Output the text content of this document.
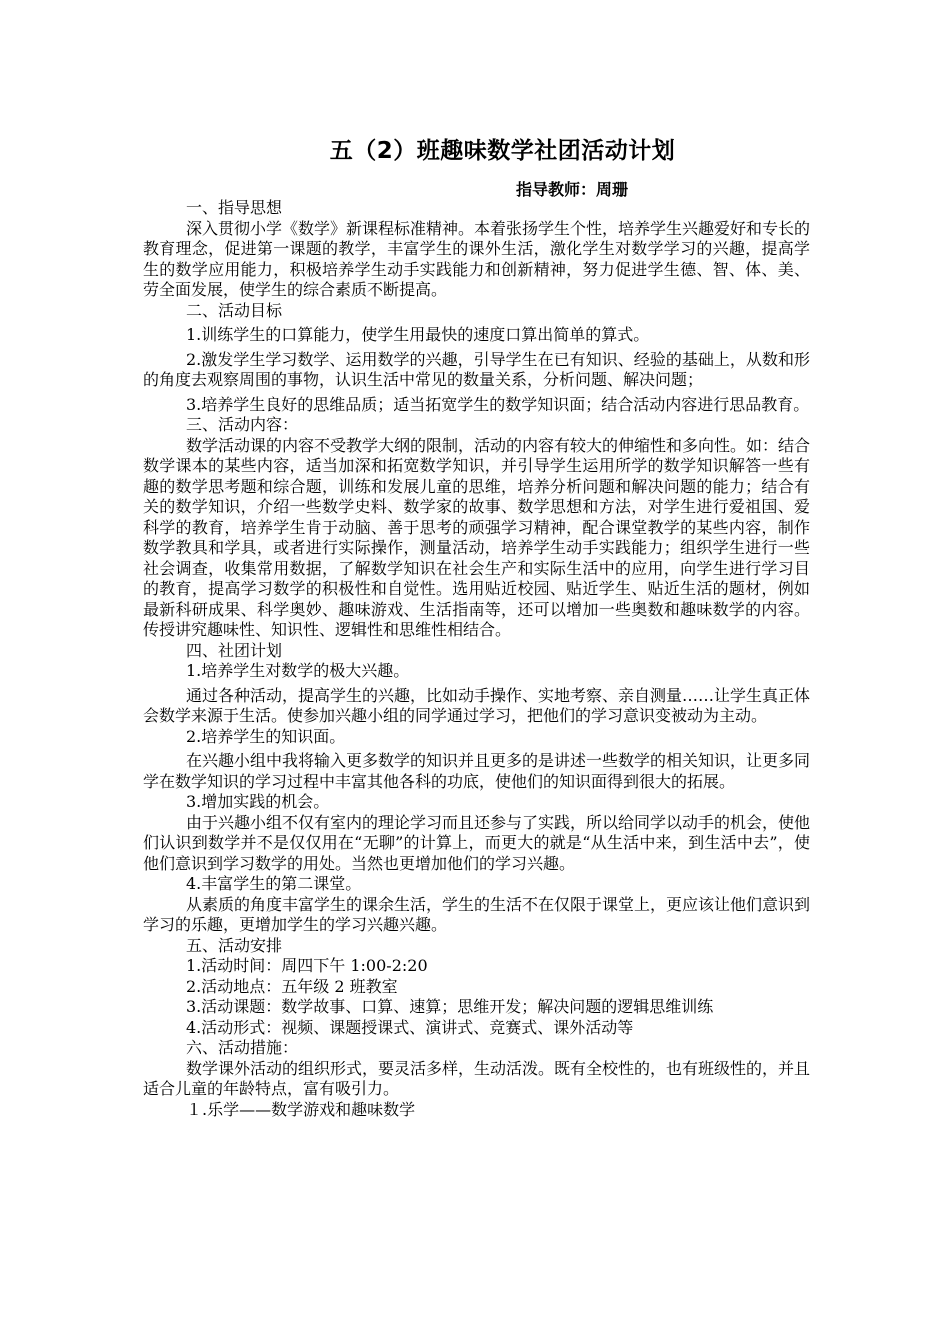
五（2）班趣味数学社团活动计划
指导教师：周珊

一、指导思想

深入贯彻小学《数学》新课程标准精神。本着张扬学生个性，培养学生兴趣爱好和专长的教育理念，促进第一课题的教学，丰富学生的课外生活，激化学生对数学学习的兴趣，提高学生的数学应用能力，积极培养学生动手实践能力和创新精神，努力促进学生德、智、体、美、劳全面发展，使学生的综合素质不断提高。

二、活动目标

1.训练学生的口算能力，使学生用最快的速度口算出简单的算式。

2.激发学生学习数学、运用数学的兴趣，引导学生在已有知识、经验的基础上，从数和形的角度去观察周围的事物，认识生活中常见的数量关系，分析问题、解决问题；

3.培养学生良好的思维品质；适当拓宽学生的数学知识面；结合活动内容进行思品教育。

三、活动内容：

数学活动课的内容不受教学大纲的限制，活动的内容有较大的伸缩性和多向性。如：结合数学课本的某些内容，适当加深和拓宽数学知识，并引导学生运用所学的数学知识解答一些有趣的数学思考题和综合题，训练和发展儿童的思维，培养分析问题和解决问题的能力；结合有关的数学知识，介绍一些数学史料、数学家的故事、数学思想和方法，对学生进行爱祖国、爱科学的教育，培养学生肯于动脑、善于思考的顽强学习精神，配合课堂教学的某些内容，制作数学教具和学具，或者进行实际操作，测量活动，培养学生动手实践能力；组织学生进行一些社会调查，收集常用数据，了解数学知识在社会生产和实际生活中的应用，向学生进行学习目的教育，提高学习数学的积极性和自觉性。选用贴近校园、贴近学生、贴近生活的题材，例如最新科研成果、科学奥妙、趣味游戏、生活指南等，还可以增加一些奥数和趣味数学的内容。传授讲究趣味性、知识性、逻辑性和思维性相结合。

四、社团计划

1.培养学生对数学的极大兴趣。

通过各种活动，提高学生的兴趣，比如动手操作、实地考察、亲自测量……让学生真正体会数学来源于生活。使参加兴趣小组的同学通过学习，把他们的学习意识变被动为主动。

2.培养学生的知识面。

在兴趣小组中我将输入更多数学的知识并且更多的是讲述一些数学的相关知识，让更多同学在数学知识的学习过程中丰富其他各科的功底，使他们的知识面得到很大的拓展。

3.增加实践的机会。

由于兴趣小组不仅有室内的理论学习而且还参与了实践，所以给同学以动手的机会，使他们认识到数学并不是仅仅用在“无聊”的计算上，而更大的就是“从生活中来，到生活中去”，使他们意识到学习数学的用处。当然也更增加他们的学习兴趣。

4.丰富学生的第二课堂。

从素质的角度丰富学生的课余生活，学生的生活不在仅限于课堂上，更应该让他们意识到学习的乐趣，更增加学生的学习兴趣兴趣。

五、活动安排

1.活动时间：周四下午 1:00-2:20

2.活动地点：五年级 2 班教室

3.活动课题：数学故事、口算、速算；思维开发；解决问题的逻辑思维训练

4.活动形式：视频、课题授课式、演讲式、竞赛式、课外活动等

六、活动措施：

数学课外活动的组织形式，要灵活多样，生动活泼。既有全校性的，也有班级性的，并且适合儿童的年龄特点，富有吸引力。

１.乐学——数学游戏和趣味数学
